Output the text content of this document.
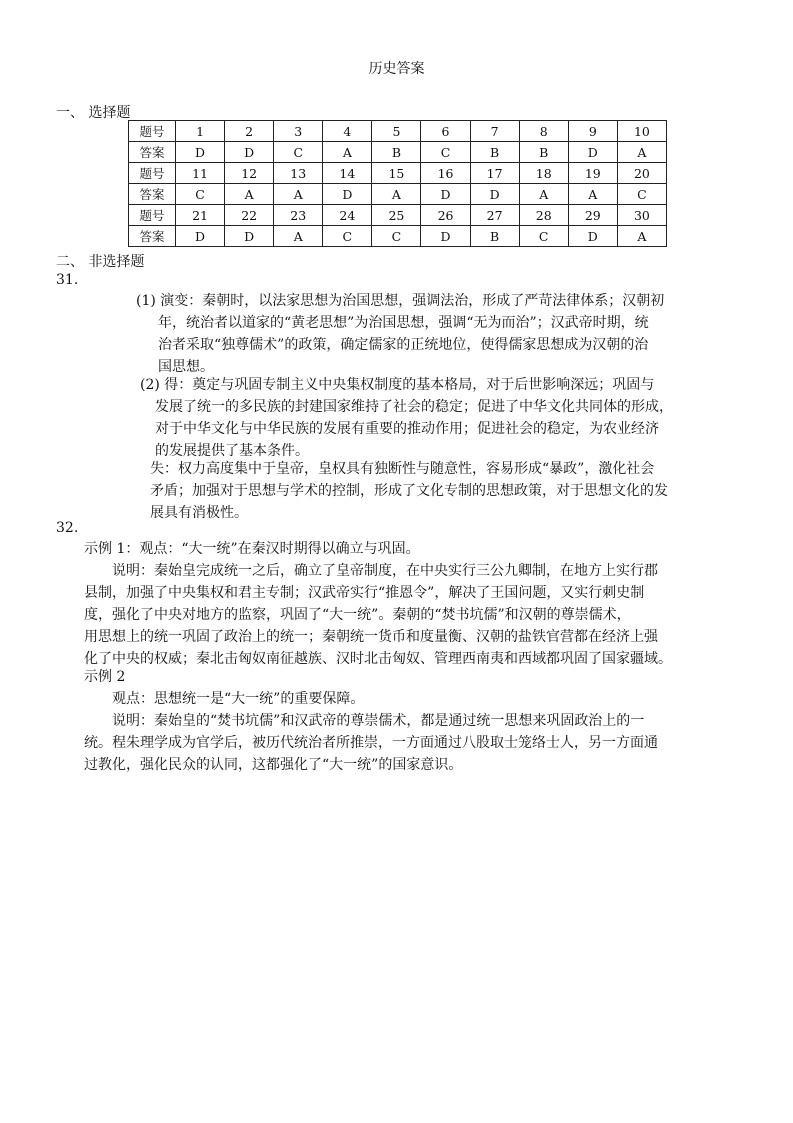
历史答案
一、 选择题
题号	1	2	3	4	5	6	7	8	9	10
答案	D	D	C	A	B	C	B	B	D	A
题号	11	12	13	14	15	16	17	18	19	20
答案	C	A	A	D	A	D	D	A	A	C
题号	21	22	23	24	25	26	27	28	29	30
答案	D	D	A	C	C	D	B	C	D	A
二、 非选择题
31.
(1) 演变：秦朝时，以法家思想为治国思想，强调法治，形成了严苛法律体系；汉朝初
年，统治者以道家的“黄老思想”为治国思想，强调“无为而治”；汉武帝时期，统
治者采取“独尊儒术”的政策，确定儒家的正统地位，使得儒家思想成为汉朝的治
国思想。
(2) 得：奠定与巩固专制主义中央集权制度的基本格局，对于后世影响深远；巩固与
发展了统一的多民族的封建国家维持了社会的稳定；促进了中华文化共同体的形成，
对于中华文化与中华民族的发展有重要的推动作用；促进社会的稳定，为农业经济
的发展提供了基本条件。
失：权力高度集中于皇帝，皇权具有独断性与随意性，容易形成“暴政”，激化社会
矛盾；加强对于思想与学术的控制，形成了文化专制的思想政策，对于思想文化的发
展具有消极性。
32.
示例 1：观点：“大一统”在秦汉时期得以确立与巩固。
说明：秦始皇完成统一之后，确立了皇帝制度，在中央实行三公九卿制，在地方上实行郡
县制，加强了中央集权和君主专制；汉武帝实行“推恩令”，解决了王国问题，又实行刺史制
度，强化了中央对地方的监察，巩固了“大一统”。秦朝的“焚书坑儒”和汉朝的尊崇儒术，
用思想上的统一巩固了政治上的统一；秦朝统一货币和度量衡、汉朝的盐铁官营都在经济上强
化了中央的权威；秦北击匈奴南征越族、汉时北击匈奴、管理西南夷和西域都巩固了国家疆域。
示例 2
观点：思想统一是“大一统”的重要保障。
说明：秦始皇的“焚书坑儒”和汉武帝的尊崇儒术，都是通过统一思想来巩固政治上的一
统。程朱理学成为官学后，被历代统治者所推崇，一方面通过八股取士笼络士人，另一方面通
过教化，强化民众的认同，这都强化了“大一统”的国家意识。
